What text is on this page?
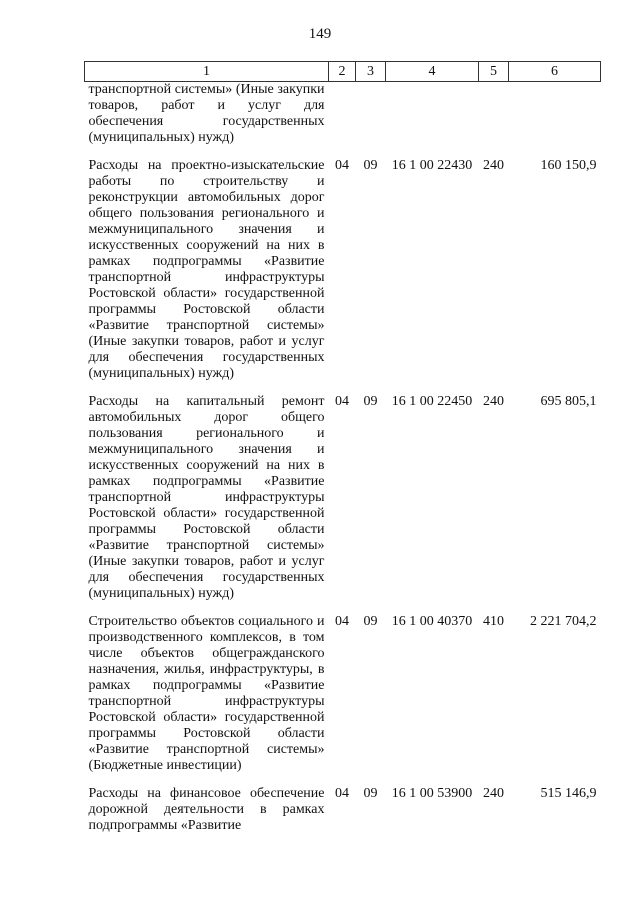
149
1	2	3	4	5	6
транспортной системы» (Иные закупки товаров, работ и услуг для обеспечения государственных (муниципальных) нужд)					
Расходы на проектно-изыскательские работы по строительству и реконструкции автомобильных дорог общего пользования регионального и межмуниципального значения и искусственных сооружений на них в рамках подпрограммы «Развитие транспортной инфраструктуры Ростовской области» государственной программы Ростовской области «Развитие транспортной системы» (Иные закупки товаров, работ и услуг для обеспечения государственных (муниципальных) нужд)	04	09	16 1 00 22430	240	160 150,9
Расходы на капитальный ремонт автомобильных дорог общего пользования регионального и межмуниципального значения и искусственных сооружений на них в рамках подпрограммы «Развитие транспортной инфраструктуры Ростовской области» государственной программы Ростовской области «Развитие транспортной системы» (Иные закупки товаров, работ и услуг для обеспечения государственных (муниципальных) нужд)	04	09	16 1 00 22450	240	695 805,1
Строительство объектов социального и производственного комплексов, в том числе объектов общегражданского назначения, жилья, инфраструктуры, в рамках подпрограммы «Развитие транспортной инфраструктуры Ростовской области» государственной программы Ростовской области «Развитие транспортной системы» (Бюджетные инвестиции)	04	09	16 1 00 40370	410	2 221 704,2
Расходы на финансовое обеспечение дорожной деятельности в рамках подпрограммы «Развитие	04	09	16 1 00 53900	240	515 146,9
